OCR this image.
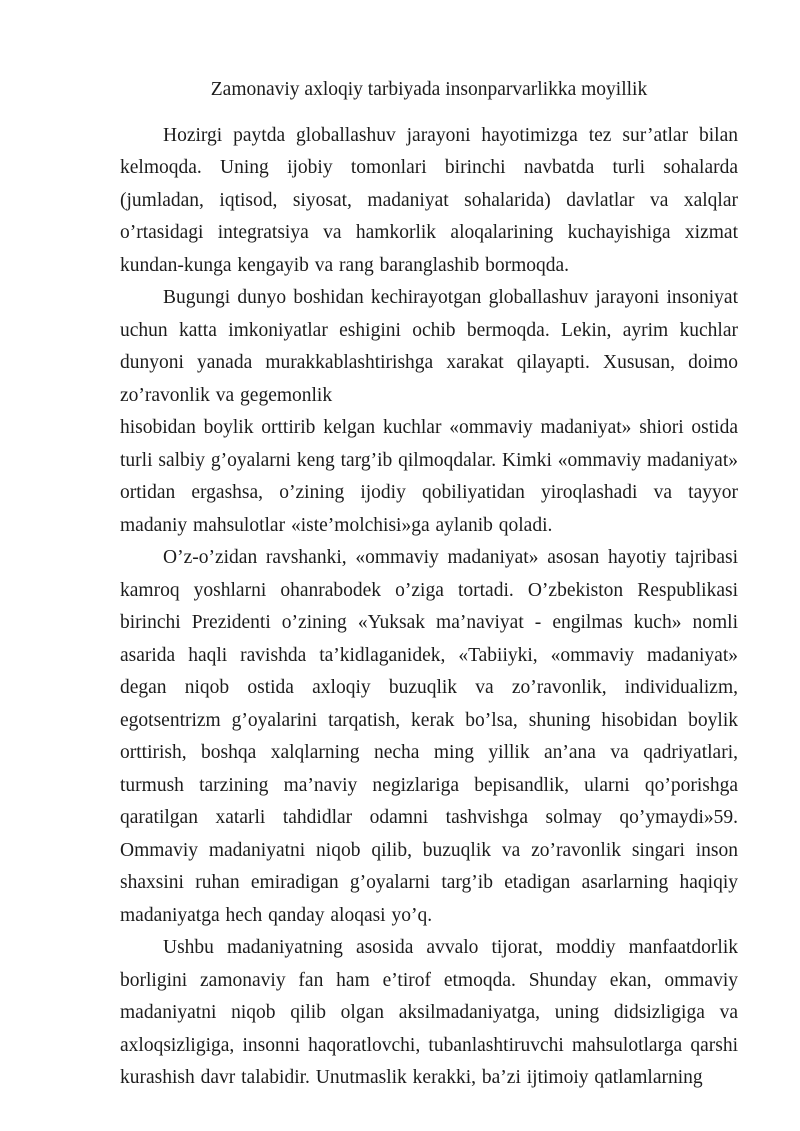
Zamonaviy axloqiy tarbiyada insonparvarlikka moyillik

Hozirgi paytda globallashuv jarayoni hayotimizga tez sur’atlar bilan kelmoqda. Uning ijobiy tomonlari birinchi navbatda turli sohalarda (jumladan, iqtisod, siyosat, madaniyat sohalarida) davlatlar va xalqlar o’rtasidagi integratsiya va hamkorlik aloqalarining kuchayishiga xizmat kundan-kunga kengayib va rang baranglashib bormoqda.

Bugungi dunyo boshidan kechirayotgan globallashuv jarayoni insoniyat uchun katta imkoniyatlar eshigini ochib bermoqda. Lekin, ayrim kuchlar dunyoni yanada murakkablashtirishga xarakat qilayapti. Xususan, doimo zo’ravonlik va gegemonlik

hisobidan boylik orttirib kelgan kuchlar «ommaviy madaniyat» shiori ostida turli salbiy g’oyalarni keng targ’ib qilmoqdalar. Kimki «ommaviy madaniyat» ortidan ergashsa, o’zining ijodiy qobiliyatidan yiroqlashadi va tayyor madaniy mahsulotlar «iste’molchisi»ga aylanib qoladi.

O’z-o’zidan ravshanki, «ommaviy madaniyat» asosan hayotiy tajribasi kamroq yoshlarni ohanrabodek o’ziga tortadi. O’zbekiston Respublikasi birinchi Prezidenti o’zining «Yuksak ma’naviyat - engilmas kuch» nomli asarida haqli ravishda ta’kidlaganidek, «Tabiiyki, «ommaviy madaniyat» degan niqob ostida axloqiy buzuqlik va zo’ravonlik, individualizm, egotsentrizm g’oyalarini tarqatish, kerak bo’lsa, shuning hisobidan boylik orttirish, boshqa xalqlarning necha ming yillik an’ana va qadriyatlari, turmush tarzining ma’naviy negizlariga bepisandlik, ularni qo’porishga qaratilgan xatarli tahdidlar odamni tashvishga solmay qo’ymaydi»59. Ommaviy madaniyatni niqob qilib, buzuqlik va zo’ravonlik singari inson shaxsini ruhan emiradigan g’oyalarni targ’ib etadigan asarlarning haqiqiy madaniyatga hech qanday aloqasi yo’q.

Ushbu madaniyatning asosida avvalo tijorat, moddiy manfaatdorlik borligini zamonaviy fan ham e’tirof etmoqda. Shunday ekan, ommaviy madaniyatni niqob qilib olgan aksilmadaniyatga, uning didsizligiga va axloqsizligiga, insonni haqoratlovchi, tubanlashtiruvchi mahsulotlarga qarshi kurashish davr talabidir. Unutmaslik kerakki, ba’zi ijtimoiy qatlamlarning
